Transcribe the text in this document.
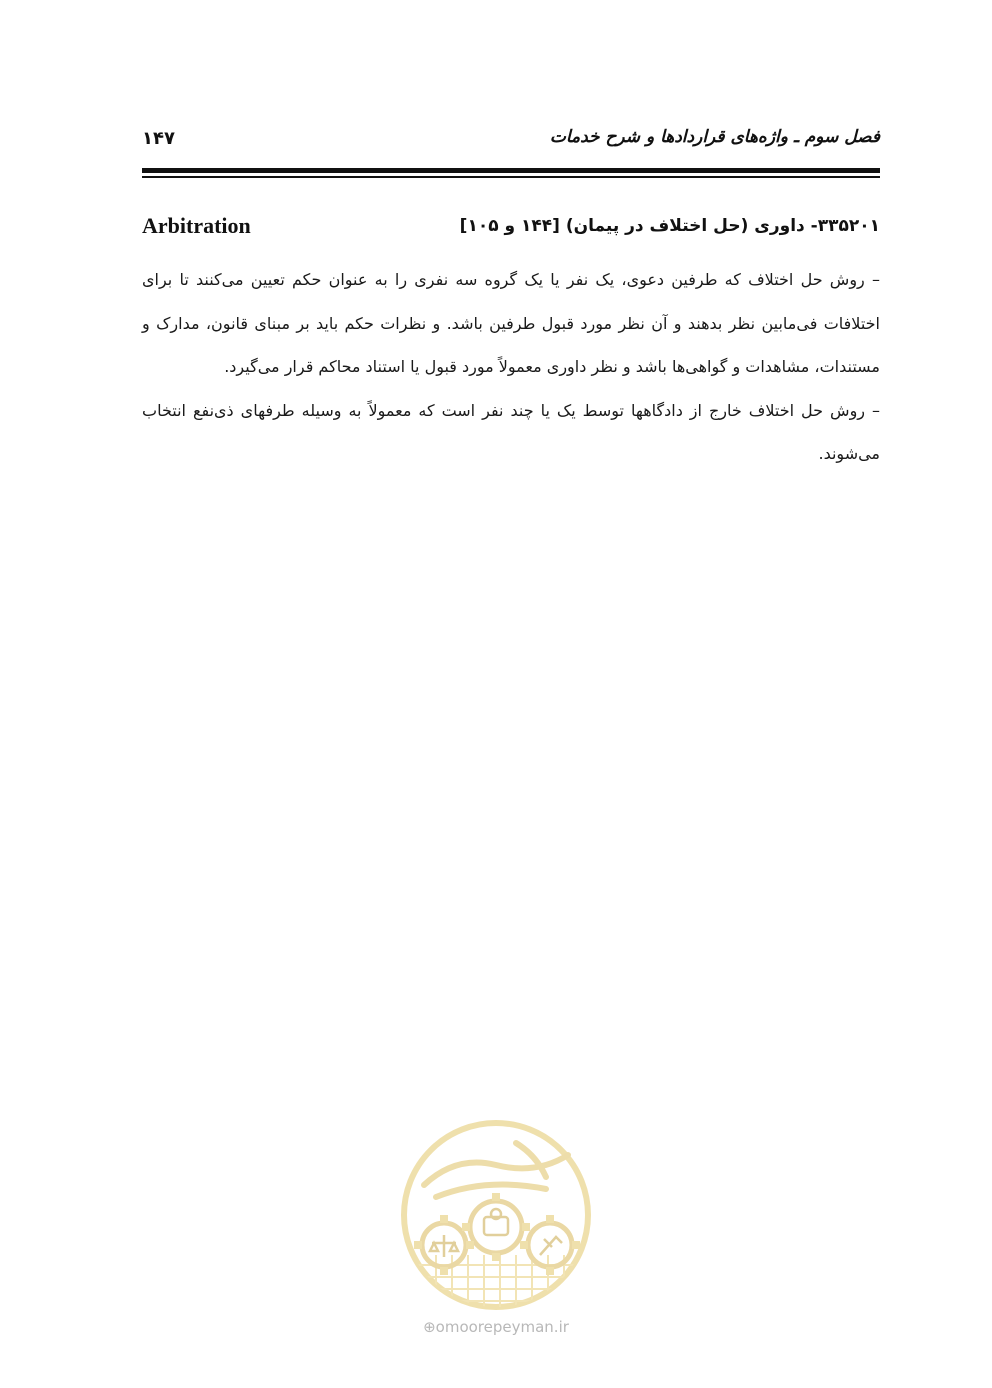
فصل سوم ـ واژه‌های قراردادها و شرح خدمات
۱۴۷
۳۳۵۲۰۱- داوری (حل اختلاف در پیمان) [۱۴۴ و ۱۰۵]
Arbitration

– روش حل اختلاف که طرفین دعوی، یک نفر یا یک گروه سه نفری را به عنوان حکم تعیین می‌کنند تا برای اختلافات فی‌مابین نظر بدهند و آن نظر مورد قبول طرفین باشد. و نظرات حکم باید بر مبنای قانون، مدارک و مستندات، مشاهدات و گواهی‌ها باشد و نظر داوری معمولاً مورد قبول یا استناد محاکم قرار می‌گیرد.

– روش حل اختلاف خارج از دادگاهها توسط یک یا چند نفر است که معمولاً به وسیله طرفهای ذی‌نفع انتخاب می‌شوند.

⊕omoorepeyman.ir
